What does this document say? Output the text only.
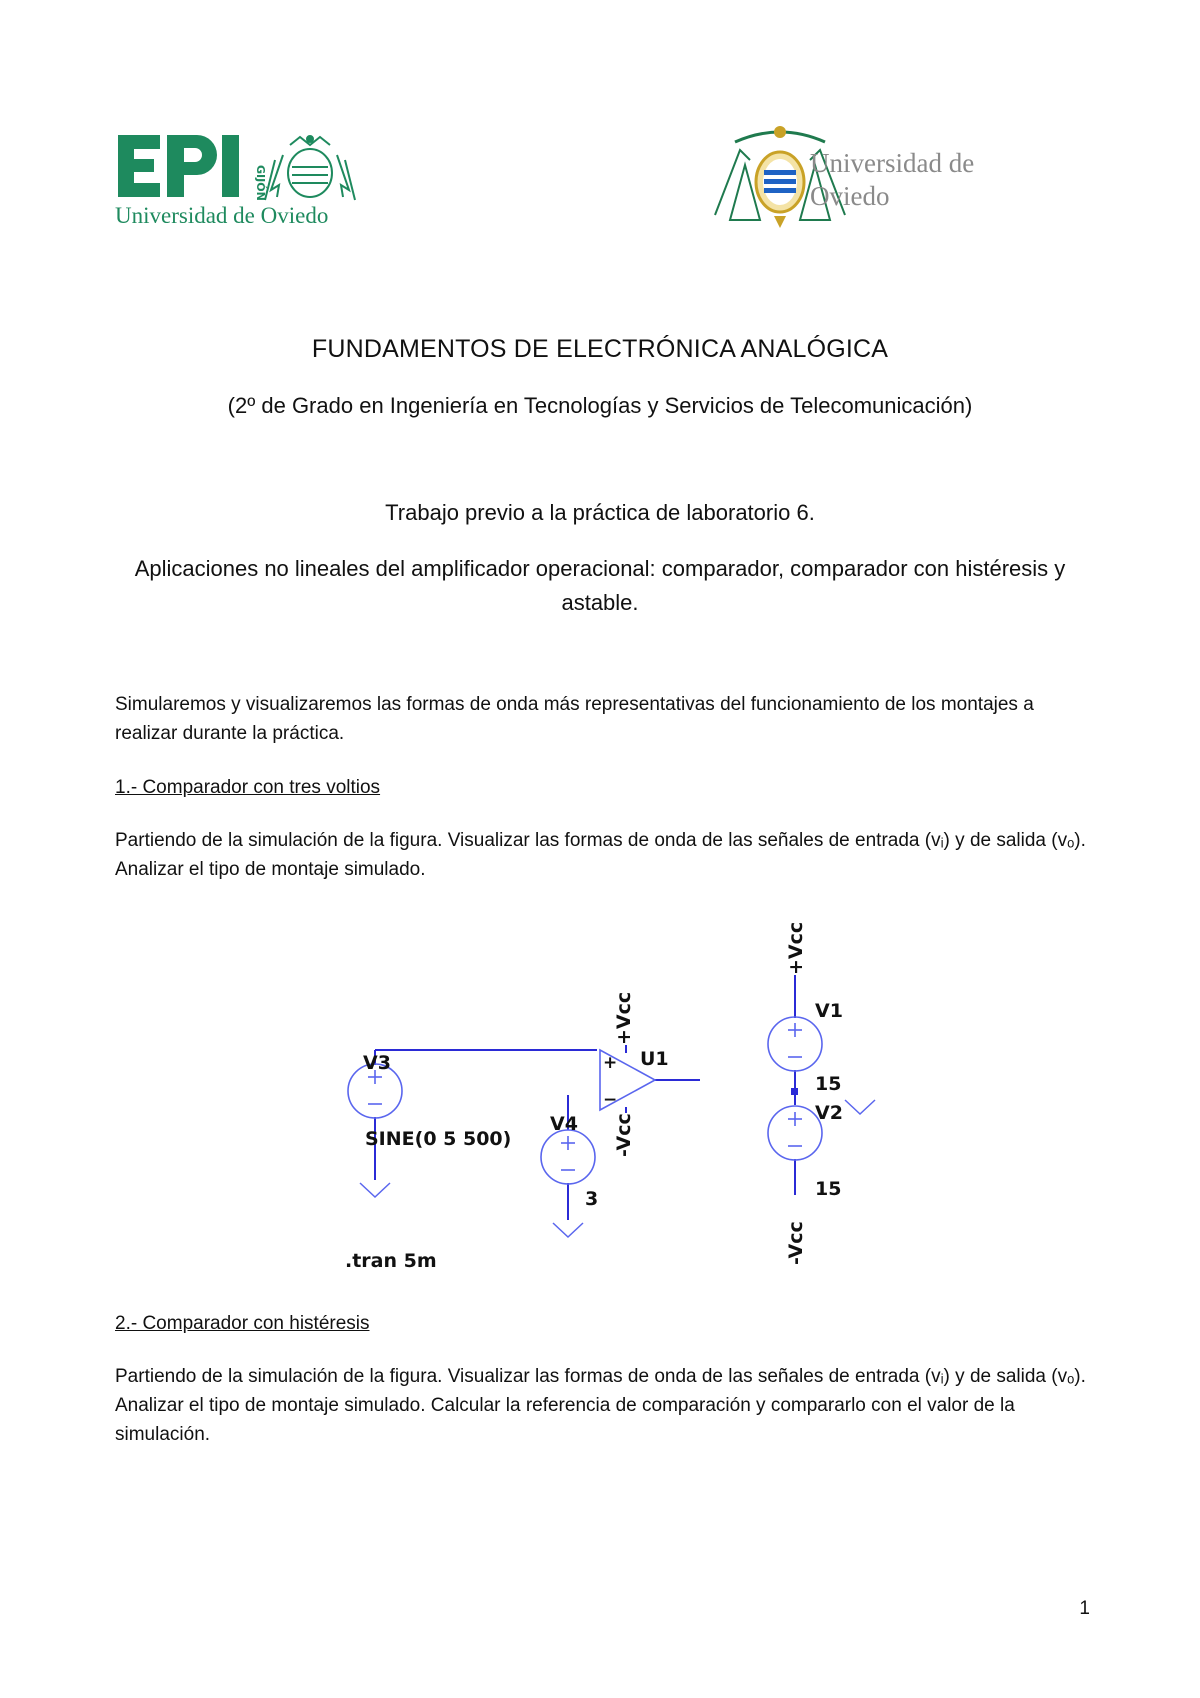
GIJÓN
Universidad de Oviedo
Universidad de
Oviedo
FUNDAMENTOS DE ELECTRÓNICA ANALÓGICA
(2º de Grado en Ingeniería en Tecnologías y Servicios de Telecomunicación)
Trabajo previo a la práctica de laboratorio 6.
Aplicaciones no lineales del amplificador operacional: comparador, comparador con histéresis y astable.
Simularemos y visualizaremos las formas de onda más representativas del funcionamiento de los montajes a realizar durante la práctica.
1.- Comparador con tres voltios
Partiendo de la simulación de la figura. Visualizar las formas de onda de las señales de entrada (vᵢ) y de salida (vₒ). Analizar el tipo de montaje simulado.
+
−
V3
SINE(0 5 500)
V4
3
U1
+Vcc
-Vcc
V1
15
V2
15
+Vcc
-Vcc
.tran 5m
2.- Comparador con histéresis
Partiendo de la simulación de la figura. Visualizar las formas de onda de las señales de entrada (vᵢ) y de salida (vₒ). Analizar el tipo de montaje simulado. Calcular la referencia de comparación y compararlo con el valor de la simulación.
1
